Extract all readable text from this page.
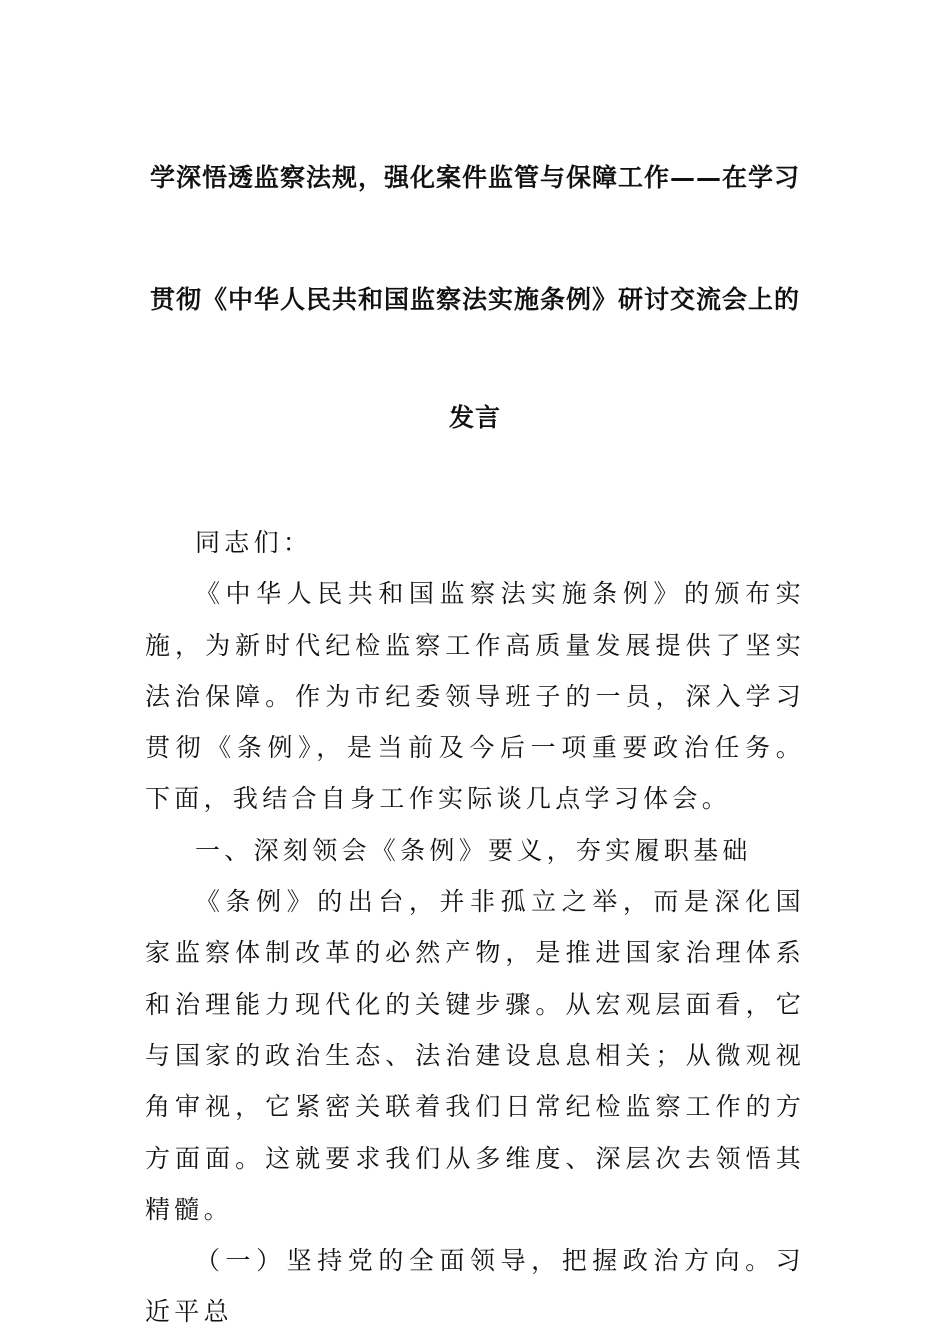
学深悟透监察法规，强化案件监管与保障工作——在学习
贯彻《中华人民共和国监察法实施条例》研讨交流会上的
发言

同志们：

《中华人民共和国监察法实施条例》的颁布实施，为新时代纪检监察工作高质量发展提供了坚实法治保障。作为市纪委领导班子的一员，深入学习贯彻《条例》，是当前及今后一项重要政治任务。下面，我结合自身工作实际谈几点学习体会。

一、深刻领会《条例》要义，夯实履职基础

《条例》的出台，并非孤立之举，而是深化国家监察体制改革的必然产物，是推进国家治理体系和治理能力现代化的关键步骤。从宏观层面看，它与国家的政治生态、法治建设息息相关；从微观视角审视，它紧密关联着我们日常纪检监察工作的方方面面。这就要求我们从多维度、深层次去领悟其精髓。

（一）坚持党的全面领导，把握政治方向。习近平总
